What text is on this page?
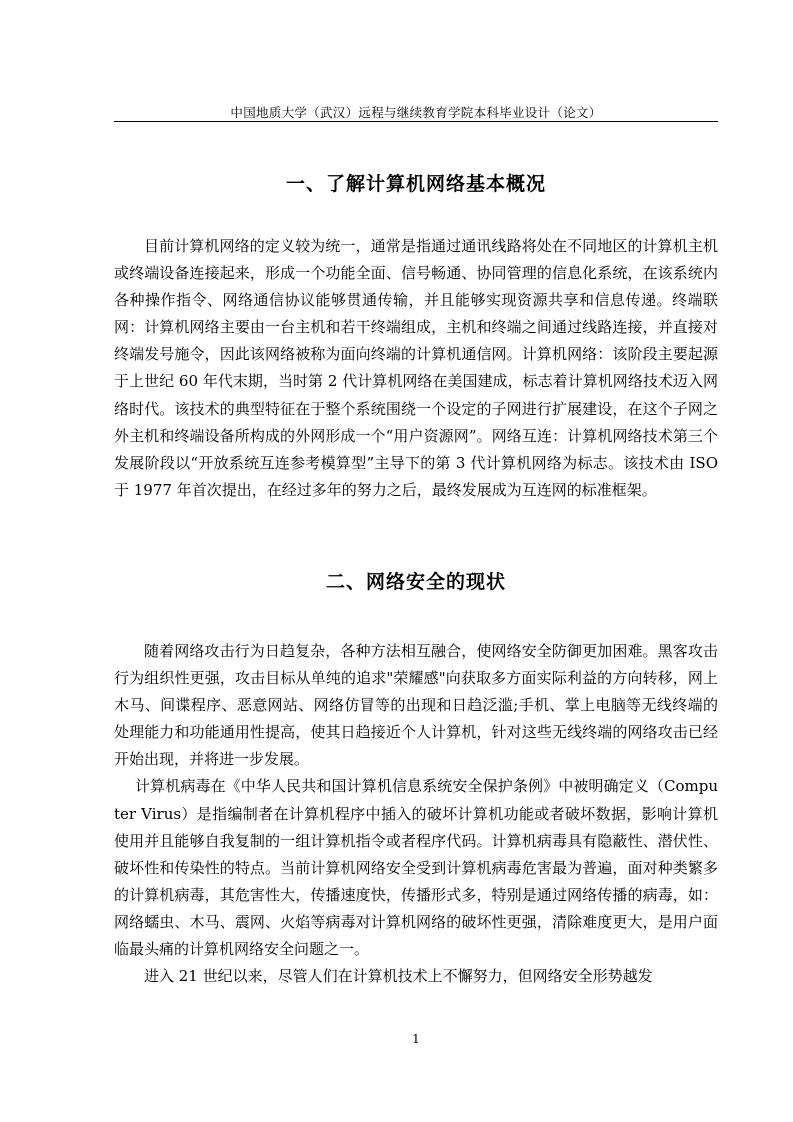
中国地质大学（武汉）远程与继续教育学院本科毕业设计（论文）
一、了解计算机网络基本概况

目前计算机网络的定义较为统一，通常是指通过通讯线路将处在不同地区的计算机主机或终端设备连接起来，形成一个功能全面、信号畅通、协同管理的信息化系统，在该系统内各种操作指令、网络通信协议能够贯通传输，并且能够实现资源共享和信息传递。终端联网：计算机网络主要由一台主机和若干终端组成，主机和终端之间通过线路连接，并直接对终端发号施令，因此该网络被称为面向终端的计算机通信网。计算机网络：该阶段主要起源于上世纪 60 年代末期，当时第 2 代计算机网络在美国建成，标志着计算机网络技术迈入网络时代。该技术的典型特征在于整个系统围绕一个设定的子网进行扩展建设，在这个子网之外主机和终端设备所构成的外网形成一个“用户资源网”。网络互连：计算机网络技术第三个发展阶段以“开放系统互连参考模算型”主导下的第 3 代计算机网络为标志。该技术由 ISO 于 1977 年首次提出，在经过多年的努力之后，最终发展成为互连网的标准框架。

二、网络安全的现状

随着网络攻击行为日趋复杂，各种方法相互融合，使网络安全防御更加困难。黑客攻击行为组织性更强，攻击目标从单纯的追求"荣耀感"向获取多方面实际利益的方向转移，网上木马、间谍程序、恶意网站、网络仿冒等的出现和日趋泛滥;手机、掌上电脑等无线终端的处理能力和功能通用性提高，使其日趋接近个人计算机，针对这些无线终端的网络攻击已经开始出现，并将进一步发展。

计算机病毒在《中华人民共和国计算机信息系统安全保护条例》中被明确定义（Computer Virus）是指编制者在计算机程序中插入的破坏计算机功能或者破坏数据，影响计算机使用并且能够自我复制的一组计算机指令或者程序代码。计算机病毒具有隐蔽性、潜伏性、破坏性和传染性的特点。当前计算机网络安全受到计算机病毒危害最为普遍，面对种类繁多的计算机病毒，其危害性大，传播速度快，传播形式多，特别是通过网络传播的病毒，如：网络蠕虫、木马、震网、火焰等病毒对计算机网络的破坏性更强，清除难度更大，是用户面临最头痛的计算机网络安全问题之一。

进入 21 世纪以来，尽管人们在计算机技术上不懈努力，但网络安全形势越发

1
